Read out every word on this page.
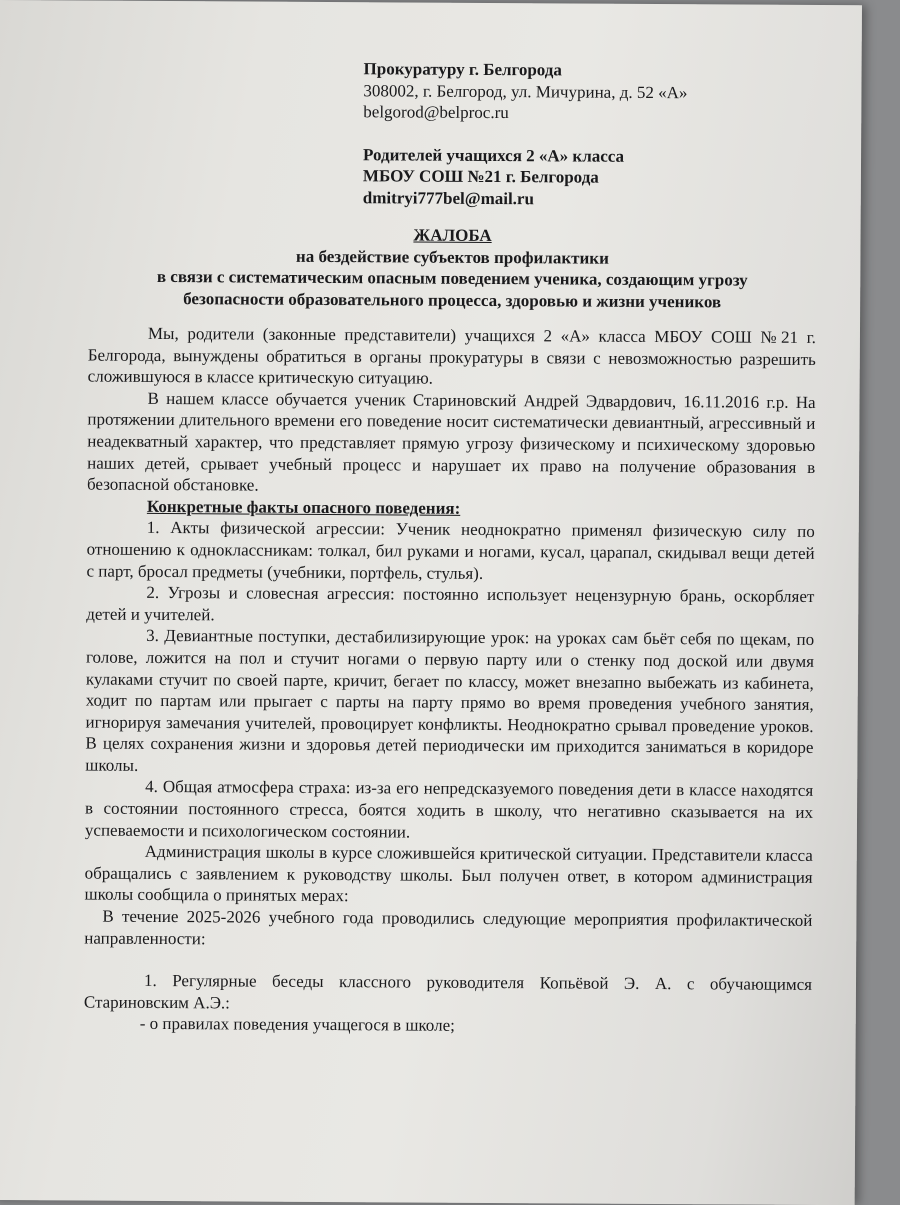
Прокуратуру г. Белгорода
308002, г. Белгород, ул. Мичурина, д. 52 «А»
belgorod@belproc.ru
Родителей учащихся 2 «А» класса
МБОУ СОШ №21 г. Белгорода
dmitryi777bel@mail.ru
ЖАЛОБА
на бездействие субъектов профилактики
в связи с систематическим опасным поведением ученика, создающим угрозу
безопасности образовательного процесса, здоровью и жизни учеников

Мы, родители (законные представители) учащихся 2 «А» класса МБОУ СОШ №21 г. Белгорода, вынуждены обратиться в органы прокуратуры в связи с невозможностью разрешить сложившуюся в классе критическую ситуацию.

В нашем классе обучается ученик Стариновский Андрей Эдвардович, 16.11.2016 г.р. На протяжении длительного времени его поведение носит систематически девиантный, агрессивный и неадекватный характер, что представляет прямую угрозу физическому и психическому здоровью наших детей, срывает учебный процесс и нарушает их право на получение образования в безопасной обстановке.

Конкретные факты опасного поведения:

1. Акты физической агрессии: Ученик неоднократно применял физическую силу по отношению к одноклассникам: толкал, бил руками и ногами, кусал, царапал, скидывал вещи детей с парт, бросал предметы (учебники, портфель, стулья).

2. Угрозы и словесная агрессия: постоянно использует нецензурную брань, оскорбляет детей и учителей.

3. Девиантные поступки, дестабилизирующие урок: на уроках сам бьёт себя по щекам, по голове, ложится на пол и стучит ногами о первую парту или о стенку под доской или двумя кулаками стучит по своей парте, кричит, бегает по классу, может внезапно выбежать из кабинета, ходит по партам или прыгает с парты на парту прямо во время проведения учебного занятия, игнорируя замечания учителей, провоцирует конфликты. Неоднократно срывал проведение уроков. В целях сохранения жизни и здоровья детей периодически им приходится заниматься в коридоре школы.

4. Общая атмосфера страха: из-за его непредсказуемого поведения дети в классе находятся в состоянии постоянного стресса, боятся ходить в школу, что негативно сказывается на их успеваемости и психологическом состоянии.

Администрация школы в курсе сложившейся критической ситуации. Представители класса обращались с заявлением к руководству школы. Был получен ответ, в котором администрация школы сообщила о принятых мерах:

В течение 2025-2026 учебного года проводились следующие мероприятия профилактической направленности:

1. Регулярные беседы классного руководителя Копьёвой Э. А. с обучающимся Стариновским А.Э.:

- о правилах поведения учащегося в школе;
